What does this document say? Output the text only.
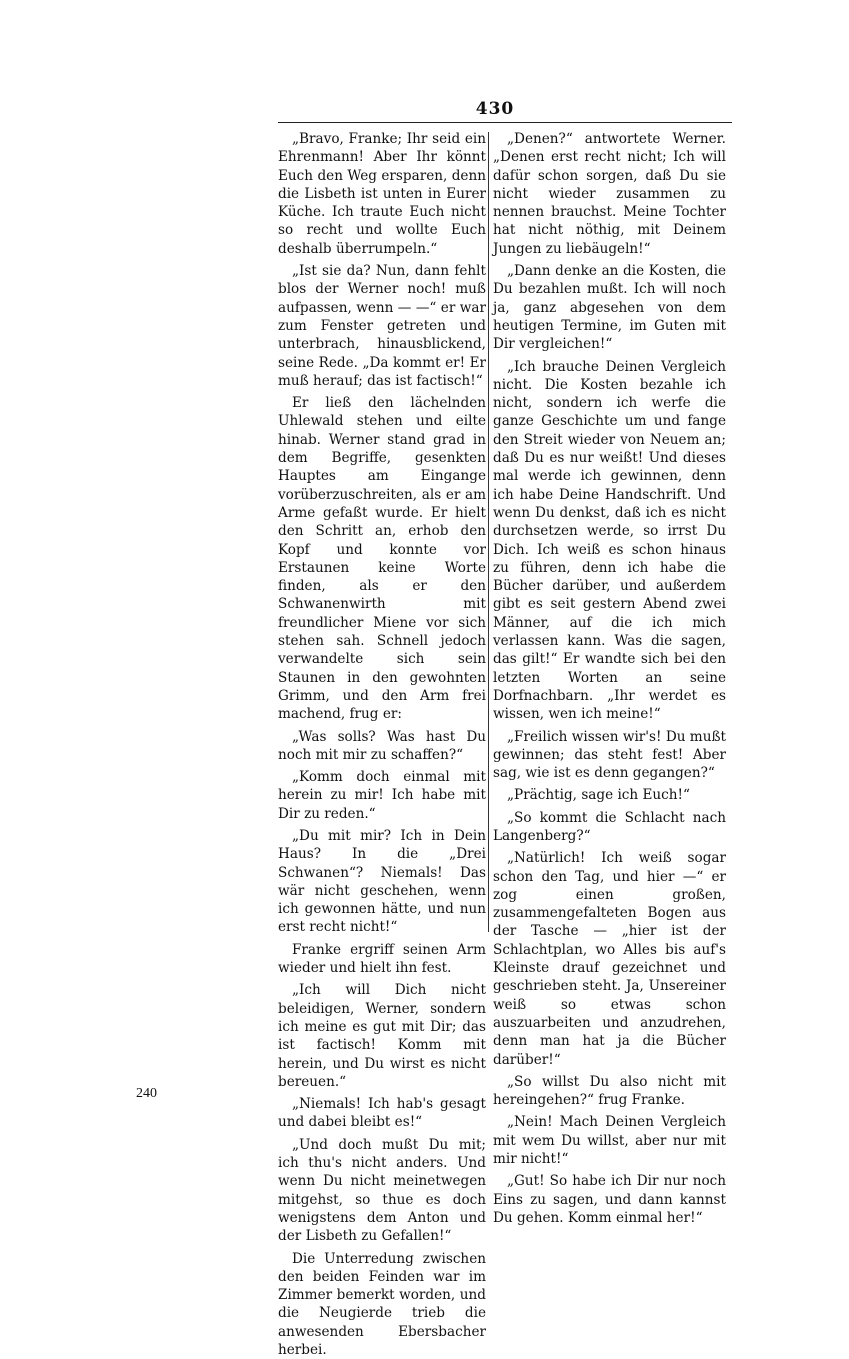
430

„Bravo, Franke; Ihr seid ein Ehrenmann! Aber Ihr könnt Euch den Weg ersparen, denn die Lisbeth ist unten in Eurer Küche. Ich traute Euch nicht so recht und wollte Euch deshalb überrumpeln.“

„Ist sie da? Nun, dann fehlt blos der Werner noch! muß aufpassen, wenn — —“ er war zum Fenster getreten und unterbrach, hinausblickend, seine Rede. „Da kommt er! Er muß herauf; das ist factisch!“

Er ließ den lächelnden Uhlewald stehen und eilte hinab. Werner stand grad in dem Begriffe, gesenkten Hauptes am Eingange vorüberzuschreiten, als er am Arme gefaßt wurde. Er hielt den Schritt an, erhob den Kopf und konnte vor Erstaunen keine Worte finden, als er den Schwanenwirth mit freundlicher Miene vor sich stehen sah. Schnell jedoch verwandelte sich sein Staunen in den gewohnten Grimm, und den Arm frei machend, frug er:

„Was solls? Was hast Du noch mit mir zu schaffen?“

„Komm doch einmal mit herein zu mir! Ich habe mit Dir zu reden.“

„Du mit mir? Ich in Dein Haus? In die „Drei Schwanen“? Niemals! Das wär nicht geschehen, wenn ich gewonnen hätte, und nun erst recht nicht!“

Franke ergriff seinen Arm wieder und hielt ihn fest.

„Ich will Dich nicht beleidigen, Werner, sondern ich meine es gut mit Dir; das ist factisch! Komm mit herein, und Du wirst es nicht bereuen.“

„Niemals! Ich hab's gesagt und dabei bleibt es!“

„Und doch mußt Du mit; ich thu's nicht anders. Und wenn Du nicht meinetwegen mitgehst, so thue es doch wenigstens dem Anton und der Lisbeth zu Gefallen!“

Die Unterredung zwischen den beiden Feinden war im Zimmer bemerkt worden, und die Neugierde trieb die anwesenden Ebersbacher herbei.

„Denen?“ antwortete Werner. „Denen erst recht nicht; Ich will dafür schon sorgen, daß Du sie nicht wieder zusammen zu nennen brauchst. Meine Tochter hat nicht nöthig, mit Deinem Jungen zu liebäugeln!“

„Dann denke an die Kosten, die Du bezahlen mußt. Ich will noch ja, ganz abgesehen von dem heutigen Termine, im Guten mit Dir vergleichen!“

„Ich brauche Deinen Vergleich nicht. Die Kosten bezahle ich nicht, sondern ich werfe die ganze Geschichte um und fange den Streit wieder von Neuem an; daß Du es nur weißt! Und dieses mal werde ich gewinnen, denn ich habe Deine Handschrift. Und wenn Du denkst, daß ich es nicht durchsetzen werde, so irrst Du Dich. Ich weiß es schon hinaus zu führen, denn ich habe die Bücher darüber, und außerdem gibt es seit gestern Abend zwei Männer, auf die ich mich verlassen kann. Was die sagen, das gilt!“ Er wandte sich bei den letzten Worten an seine Dorfnachbarn. „Ihr werdet es wissen, wen ich meine!“

„Freilich wissen wir's! Du mußt gewinnen; das steht fest! Aber sag, wie ist es denn gegangen?“

„Prächtig, sage ich Euch!“

„So kommt die Schlacht nach Langenberg?“

„Natürlich! Ich weiß sogar schon den Tag, und hier —“ er zog einen großen, zusammengefalteten Bogen aus der Tasche — „hier ist der Schlachtplan, wo Alles bis auf's Kleinste drauf gezeichnet und geschrieben steht. Ja, Unsereiner weiß so etwas schon auszuarbeiten und anzudrehen, denn man hat ja die Bücher darüber!“

„So willst Du also nicht mit hereingehen?“ frug Franke.

„Nein! Mach Deinen Vergleich mit wem Du willst, aber nur mit mir nicht!“

„Gut! So habe ich Dir nur noch Eins zu sagen, und dann kannst Du gehen. Komm einmal her!“

240
